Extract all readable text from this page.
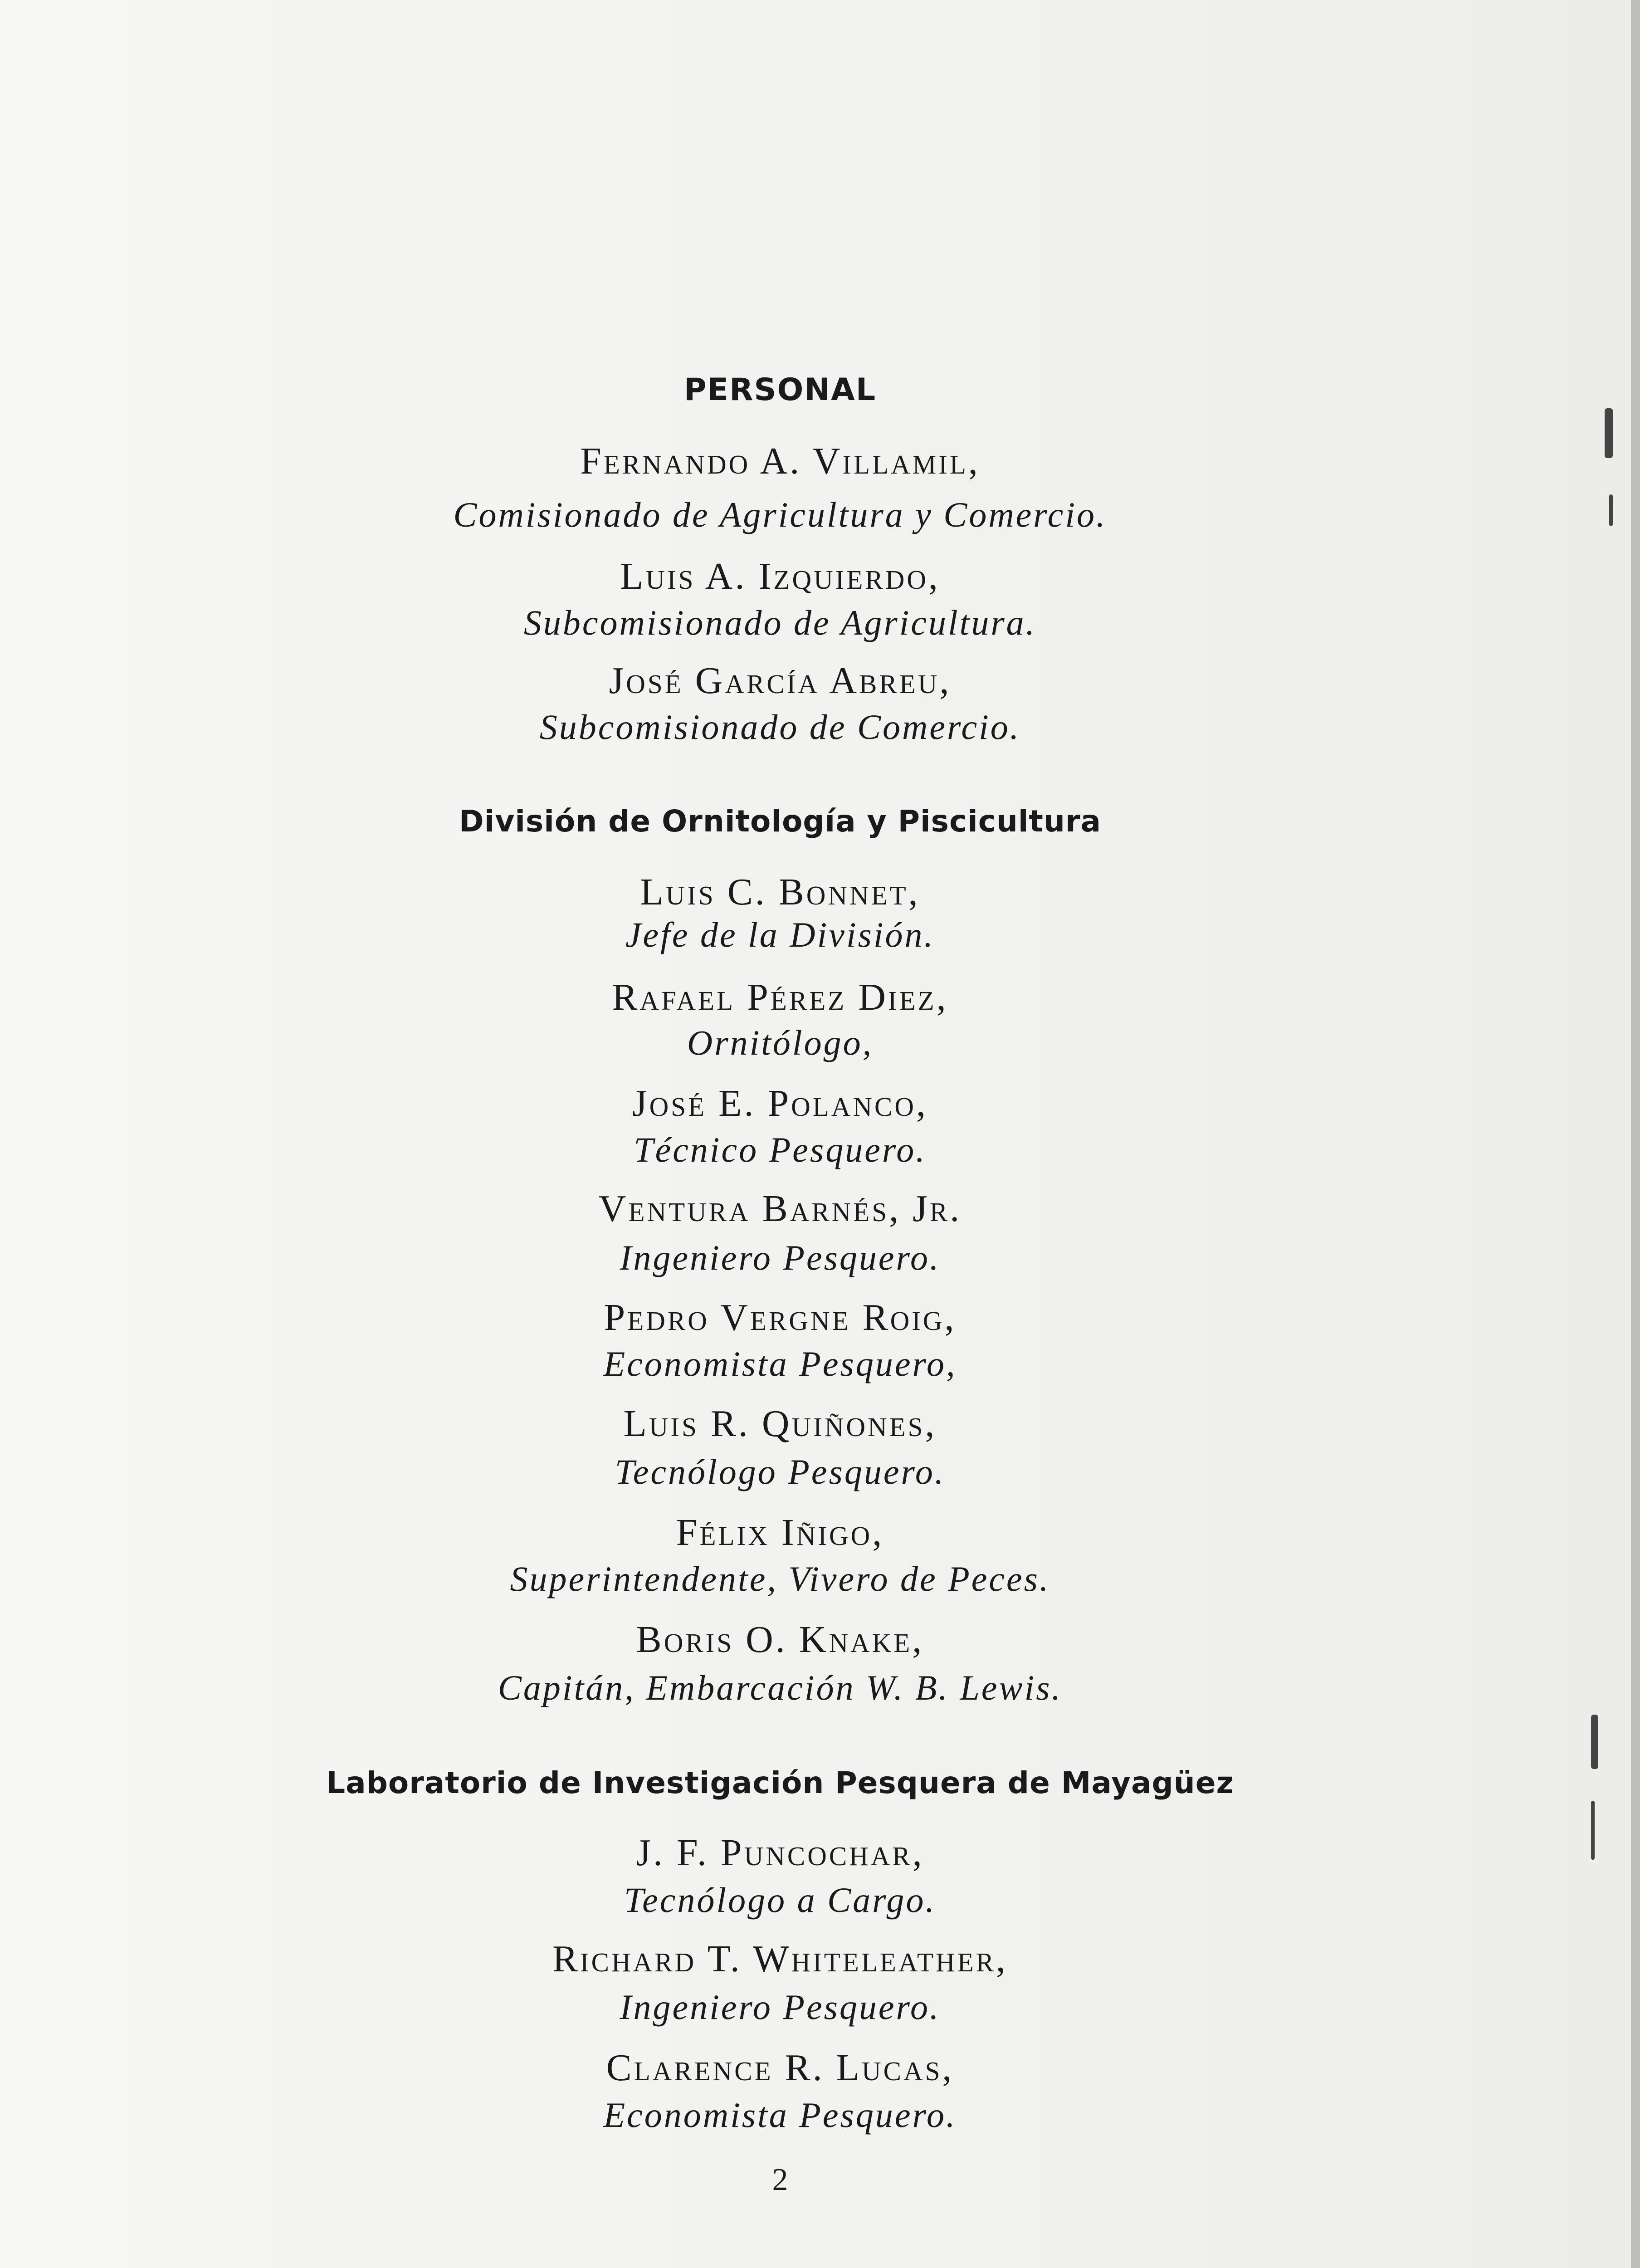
PERSONAL
Fernando A. Villamil,
Comisionado de Agricultura y Comercio.
Luis A. Izquierdo,
Subcomisionado de Agricultura.
José García Abreu,
Subcomisionado de Comercio.
División de Ornitología y Piscicultura
Luis C. Bonnet,
Jefe de la División.
Rafael Pérez Diez,
Ornitólogo,
José E. Polanco,
Técnico Pesquero.
Ventura Barnés, Jr.
Ingeniero Pesquero.
Pedro Vergne Roig,
Economista Pesquero,
Luis R. Quiñones,
Tecnólogo Pesquero.
Félix Iñigo,
Superintendente, Vivero de Peces.
Boris O. Knake,
Capitán, Embarcación W. B. Lewis.
Laboratorio de Investigación Pesquera de Mayagüez
J. F. Puncochar,
Tecnólogo a Cargo.
Richard T. Whiteleather,
Ingeniero Pesquero.
Clarence R. Lucas,
Economista Pesquero.
2
